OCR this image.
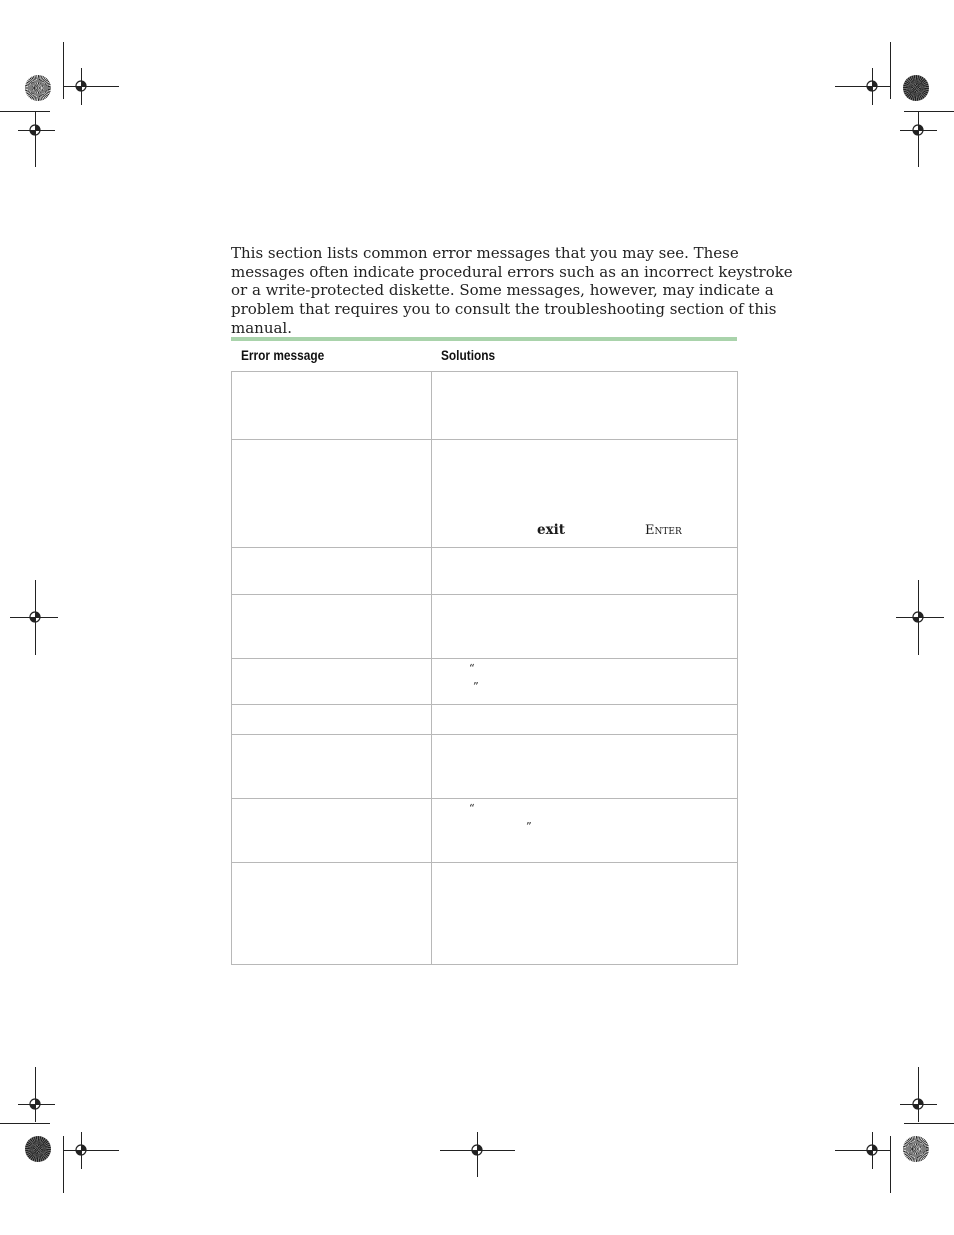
This section lists common error messages that you may see. These messages often indicate procedural errors such as an incorrect keystroke or a write-protected diskette. Some messages, however, may indicate a problem that requires you to consult the troubleshooting section of this manual.

Error message	Solutions

	exit Enter

	“
”

	“
”
